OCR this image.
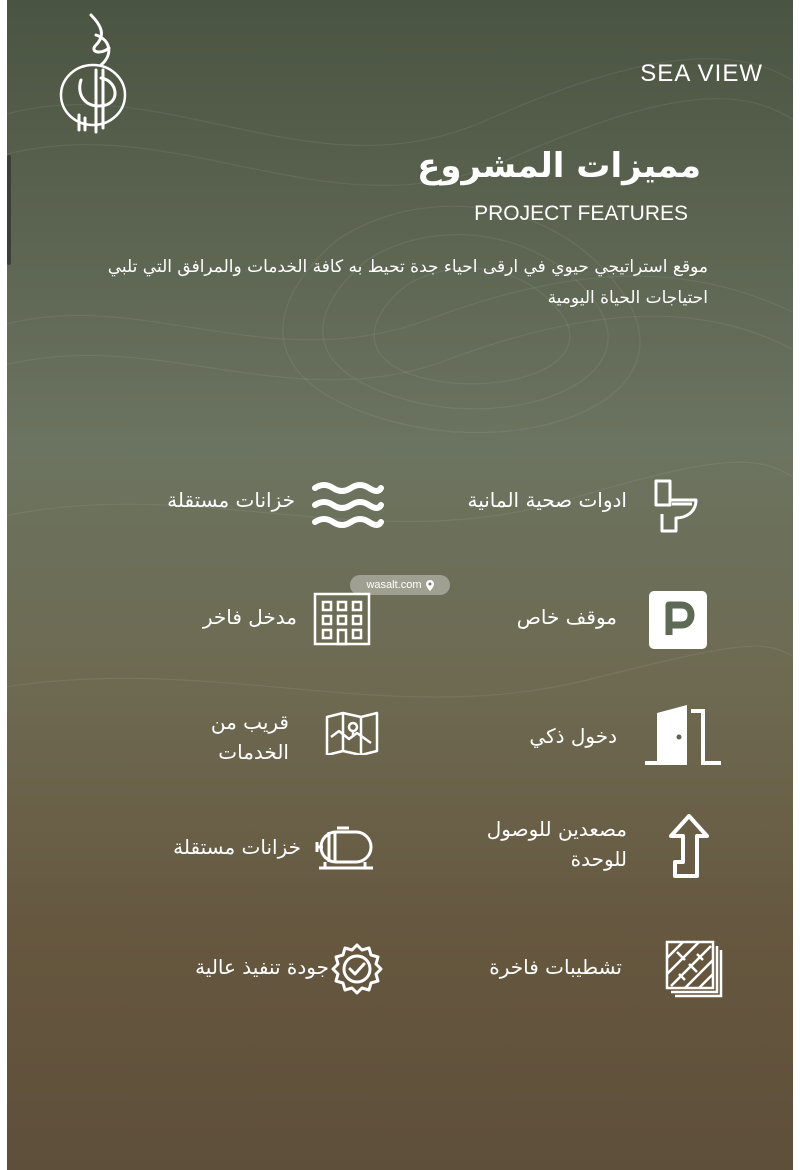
SEA VIEW
مميزات المشروع
PROJECT FEATURES
موقع استراتيجي حيوي في ارقى احياء جدة تحيط به كافة الخدمات والمرافق التي تلبي احتياجات الحياة اليومية
wasalt.com
ادوات صحية المانية
موقف خاص
دخول ذكي
مصعدين للوصول للوحدة
تشطيبات فاخرة
خزانات مستقلة
مدخل فاخر
قريب من الخدمات
خزانات مستقلة
جودة تنفيذ عالية
